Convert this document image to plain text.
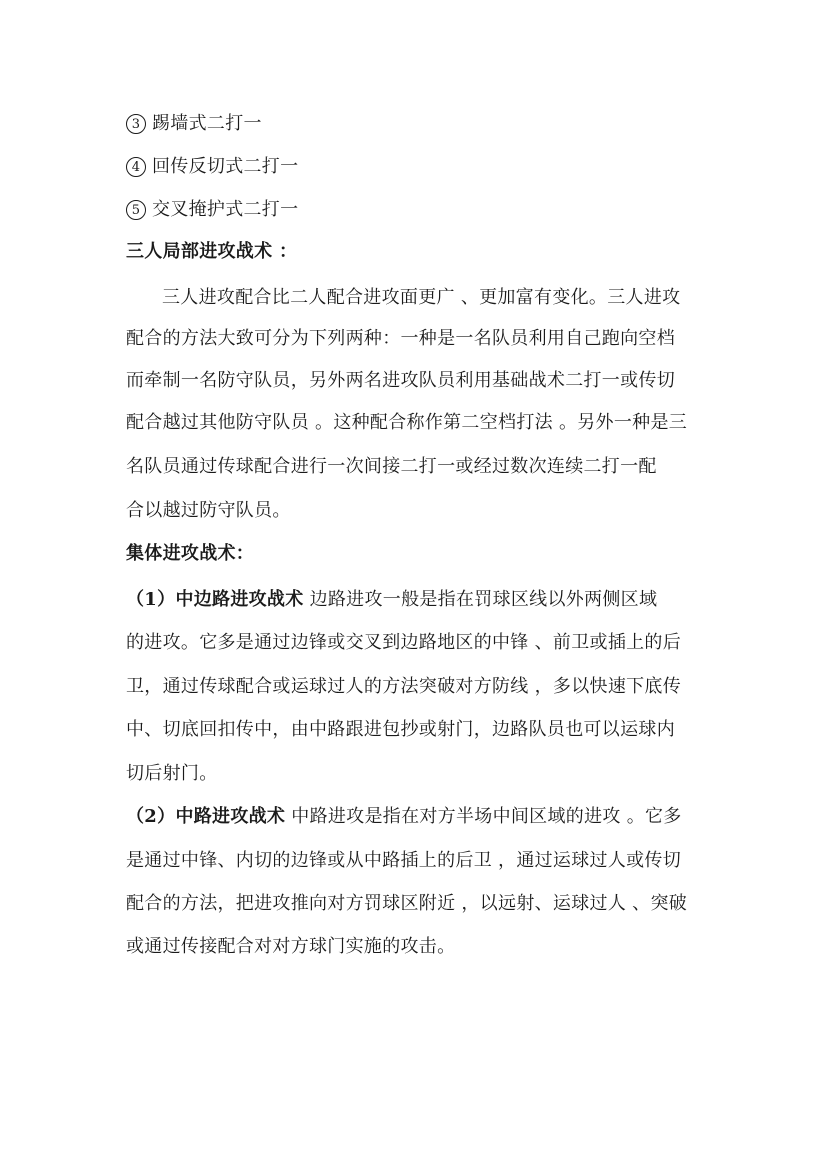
3 踢墙式二打一
4 回传反切式二打一
5 交叉掩护式二打一
三人局部进攻战术 ：
三人进攻配合比二人配合进攻面更广 、更加富有变化。三人进攻
配合的方法大致可分为下列两种：一种是一名队员利用自己跑向空档
而牵制一名防守队员，另外两名进攻队员利用基础战术二打一或传切
配合越过其他防守队员 。这种配合称作第二空档打法 。另外一种是三
名队员通过传球配合进行一次间接二打一或经过数次连续二打一配
合以越过防守队员。
集体进攻战术：
（1）中边路进攻战术 边路进攻一般是指在罚球区线以外两侧区域
的进攻。它多是通过边锋或交叉到边路地区的中锋 、前卫或插上的后
卫，通过传球配合或运球过人的方法突破对方防线 ，多以快速下底传
中、切底回扣传中，由中路跟进包抄或射门，边路队员也可以运球内
切后射门。
（2）中路进攻战术 中路进攻是指在对方半场中间区域的进攻 。它多
是通过中锋、内切的边锋或从中路插上的后卫 ，通过运球过人或传切
配合的方法，把进攻推向对方罚球区附近 ，以远射、运球过人 、突破
或通过传接配合对对方球门实施的攻击。
